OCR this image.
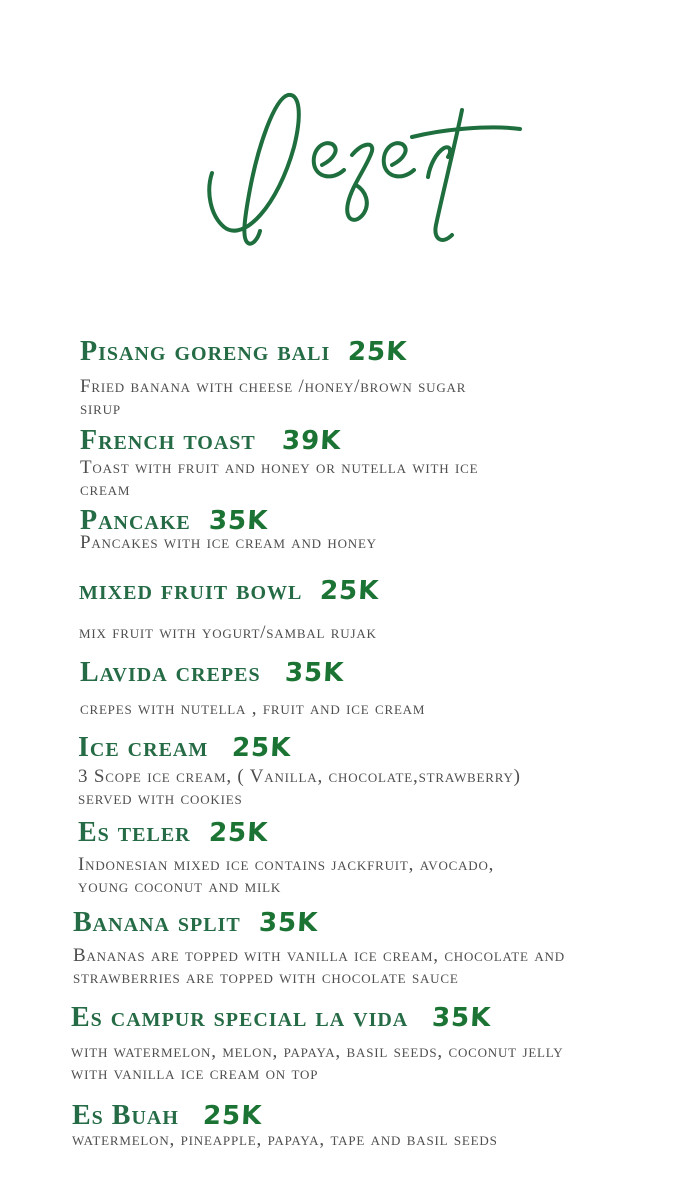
Pisang goreng bali 25K
Fried banana with cheese /honey/brown sugar
sirup
French toast 39K
Toast with fruit and honey or nutella with ice
cream
Pancake 35K
Pancakes with ice cream and honey
mixed fruit bowl 25K
mix fruit with yogurt/sambal rujak
Lavida crepes 35K
crepes with nutella , fruit and ice cream
Ice cream 25K
3 Scope ice cream, ( Vanilla, chocolate,strawberry)
served with cookies
Es teler 25K
Indonesian mixed ice contains jackfruit, avocado,
young coconut and milk
Banana split 35K
Bananas are topped with vanilla ice cream, chocolate and
strawberries are topped with chocolate sauce
Es campur special la vida 35K
with watermelon, melon, papaya, basil seeds, coconut jelly
with vanilla ice cream on top
Es Buah 25K
watermelon, pineapple, papaya, tape and basil seeds
